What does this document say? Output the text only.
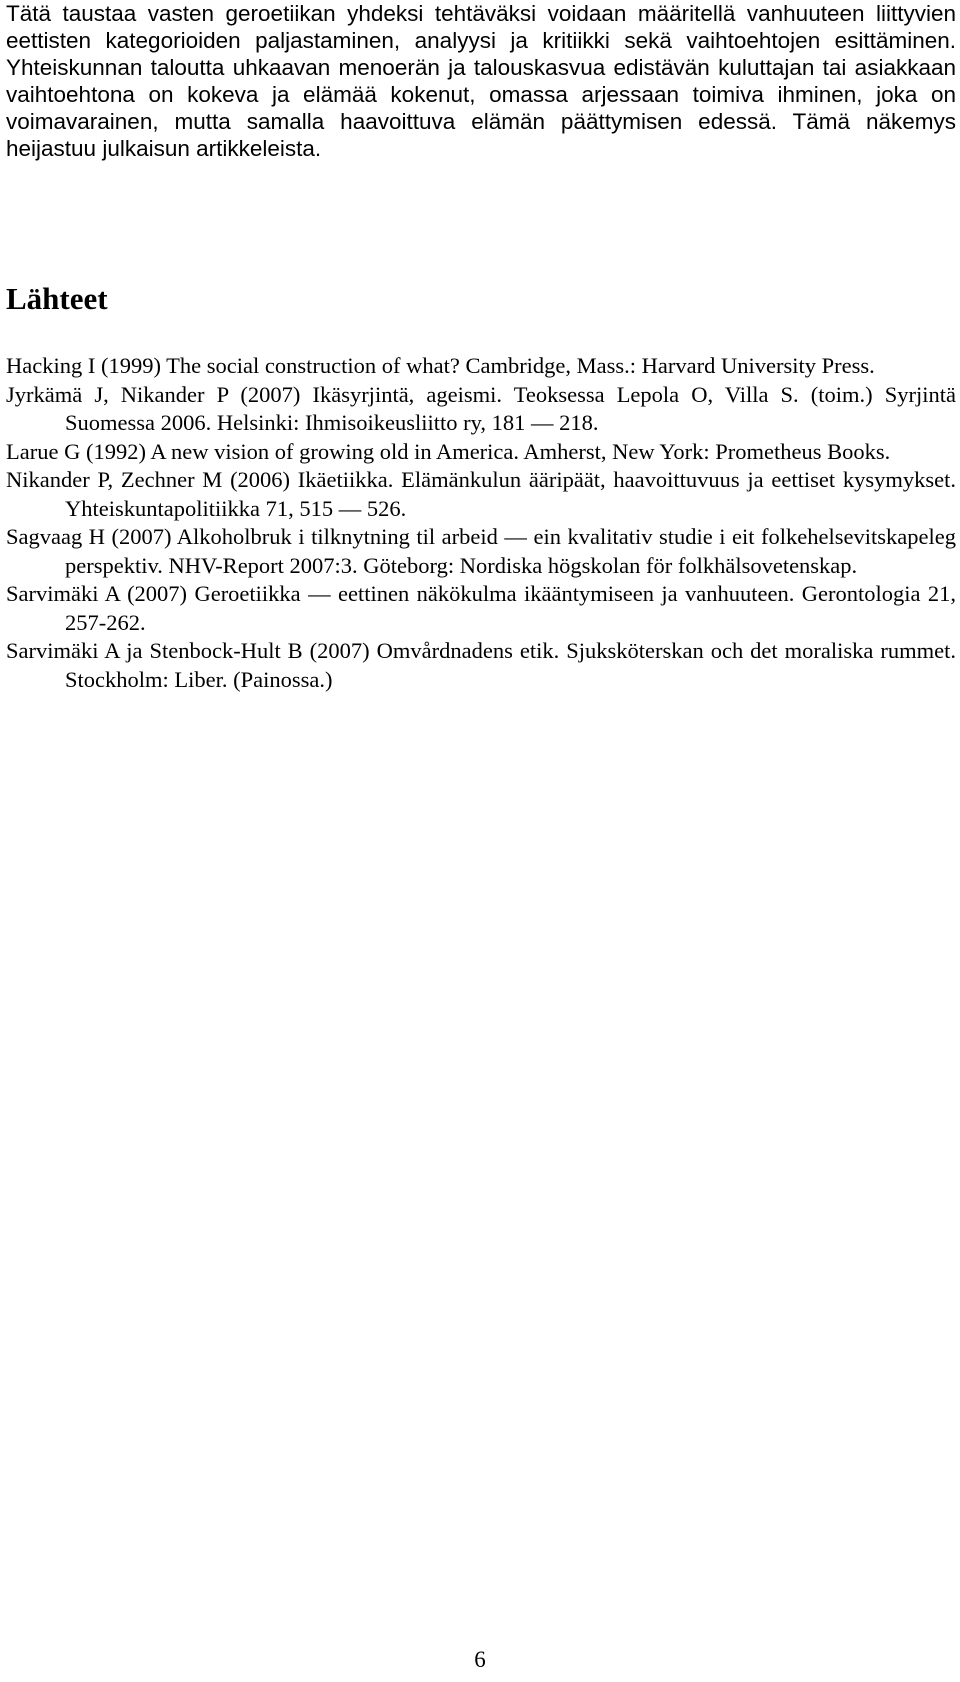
Tätä taustaa vasten geroetiikan yhdeksi tehtäväksi voidaan määritellä vanhuuteen liittyvien eettisten kategorioiden paljastaminen, analyysi ja kritiikki sekä vaihtoehtojen esittäminen. Yhteiskunnan taloutta uhkaavan menoerän ja talouskasvua edistävän kuluttajan tai asiakkaan vaihtoehtona on kokeva ja elämää kokenut, omassa arjessaan toimiva ihminen, joka on voimavarainen, mutta samalla haavoittuva elämän päättymisen edessä. Tämä näkemys heijastuu julkaisun artikkeleista.

Lähteet
Hacking I (1999) The social construction of what? Cambridge, Mass.: Harvard University Press.
Jyrkämä J, Nikander P (2007) Ikäsyrjintä, ageismi. Teoksessa Lepola O, Villa S. (toim.) Syrjintä Suomessa 2006. Helsinki: Ihmisoikeusliitto ry, 181 — 218.
Larue G (1992) A new vision of growing old in America. Amherst, New York: Prometheus Books.
Nikander P, Zechner M (2006) Ikäetiikka. Elämänkulun ääripäät, haavoittuvuus ja eettiset kysymykset. Yhteiskuntapolitiikka 71, 515 — 526.
Sagvaag H (2007) Alkoholbruk i tilknytning til arbeid — ein kvalitativ studie i eit folkehelsevitskapeleg perspektiv. NHV-Report 2007:3. Göteborg: Nordiska högskolan för folkhälsovetenskap.
Sarvimäki A (2007) Geroetiikka — eettinen näkökulma ikääntymiseen ja vanhuuteen. Gerontologia 21, 257-262.
Sarvimäki A ja Stenbock-Hult B (2007) Omvårdnadens etik. Sjuksköterskan och det moraliska rummet. Stockholm: Liber. (Painossa.)
6
